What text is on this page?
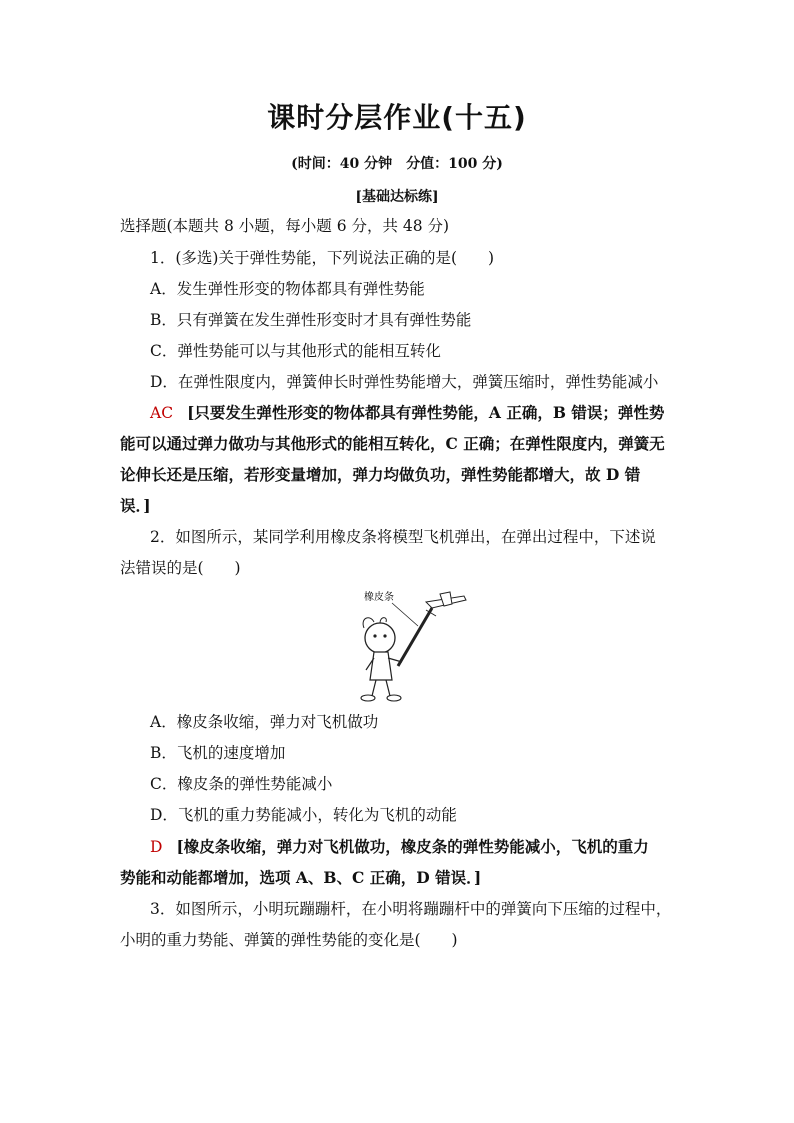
课时分层作业(十五)
(时间：40 分钟　分值：100 分)
[基础达标练]
选择题(本题共 8 小题，每小题 6 分，共 48 分)
1．(多选)关于弹性势能，下列说法正确的是(　　)
A．发生弹性形变的物体都具有弹性势能
B．只有弹簧在发生弹性形变时才具有弹性势能
C．弹性势能可以与其他形式的能相互转化
D．在弹性限度内，弹簧伸长时弹性势能增大，弹簧压缩时，弹性势能减小
AC [只要发生弹性形变的物体都具有弹性势能，A 正确，B 错误；弹性势
能可以通过弹力做功与其他形式的能相互转化，C 正确；在弹性限度内，弹簧无
论伸长还是压缩，若形变量增加，弹力均做负功，弹性势能都增大，故 D 错
误．]
2．如图所示，某同学利用橡皮条将模型飞机弹出，在弹出过程中，下述说
法错误的是(　　)
橡皮条
A．橡皮条收缩，弹力对飞机做功
B．飞机的速度增加
C．橡皮条的弹性势能减小
D．飞机的重力势能减小，转化为飞机的动能
D [橡皮条收缩，弹力对飞机做功，橡皮条的弹性势能减小，飞机的重力
势能和动能都增加，选项 A、B、C 正确，D 错误．]
3．如图所示，小明玩蹦蹦杆，在小明将蹦蹦杆中的弹簧向下压缩的过程中，
小明的重力势能、弹簧的弹性势能的变化是(　　)
